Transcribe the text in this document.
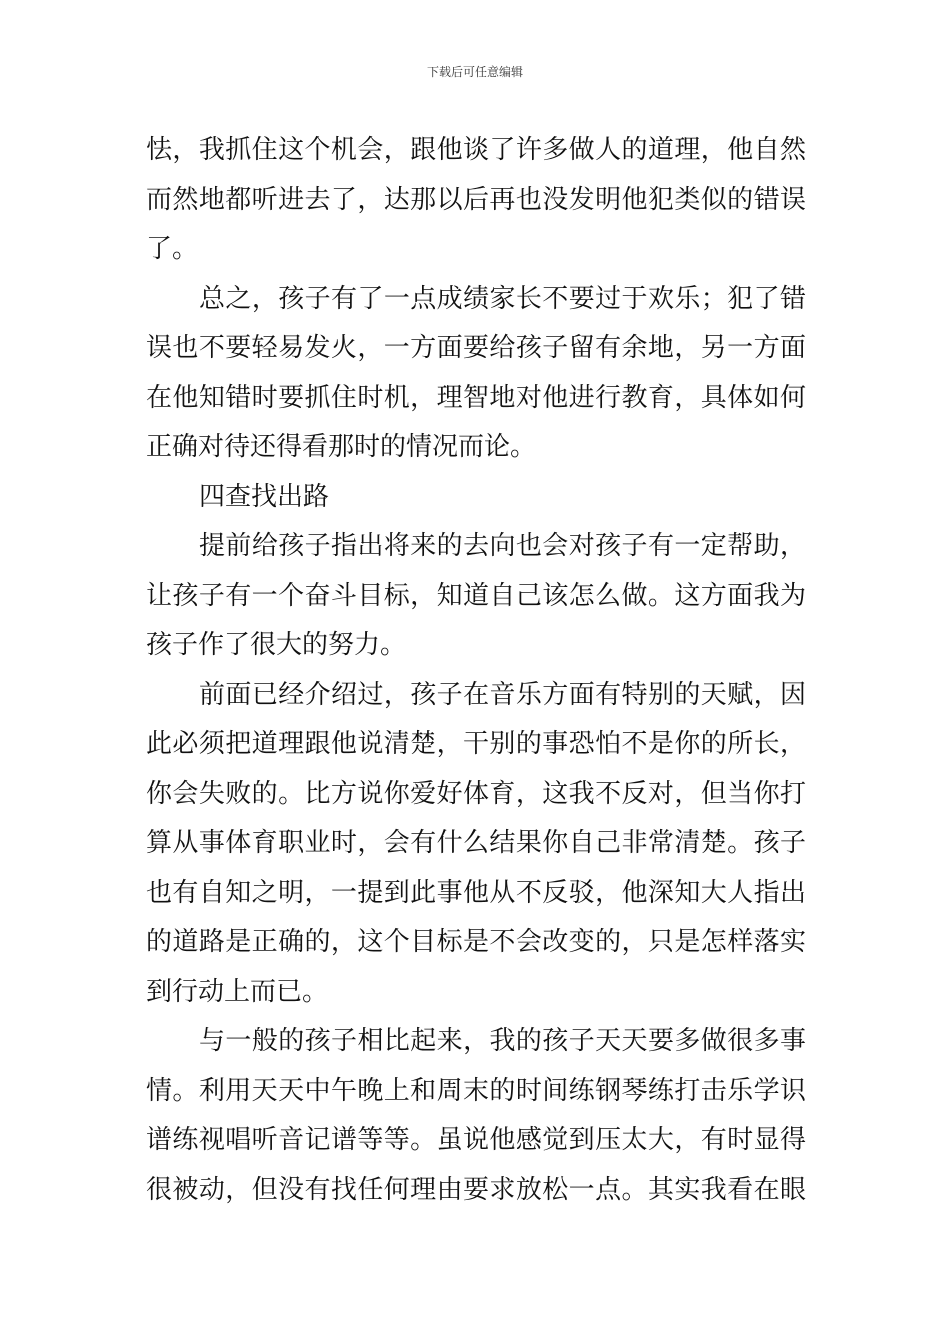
下载后可任意编辑
怯，我抓住这个机会，跟他谈了许多做人的道理，他自然
而然地都听进去了，达那以后再也没发明他犯类似的错误
了。
总之，孩子有了一点成绩家长不要过于欢乐；犯了错
误也不要轻易发火，一方面要给孩子留有余地，另一方面
在他知错时要抓住时机，理智地对他进行教育，具体如何
正确对待还得看那时的情况而论。
四查找出路
提前给孩子指出将来的去向也会对孩子有一定帮助，
让孩子有一个奋斗目标，知道自己该怎么做。这方面我为
孩子作了很大的努力。
前面已经介绍过，孩子在音乐方面有特别的天赋，因
此必须把道理跟他说清楚，干别的事恐怕不是你的所长，
你会失败的。比方说你爱好体育，这我不反对，但当你打
算从事体育职业时，会有什么结果你自己非常清楚。孩子
也有自知之明，一提到此事他从不反驳，他深知大人指出
的道路是正确的，这个目标是不会改变的，只是怎样落实
到行动上而已。
与一般的孩子相比起来，我的孩子天天要多做很多事
情。利用天天中午晚上和周末的时间练钢琴练打击乐学识
谱练视唱听音记谱等等。虽说他感觉到压太大，有时显得
很被动，但没有找任何理由要求放松一点。其实我看在眼
